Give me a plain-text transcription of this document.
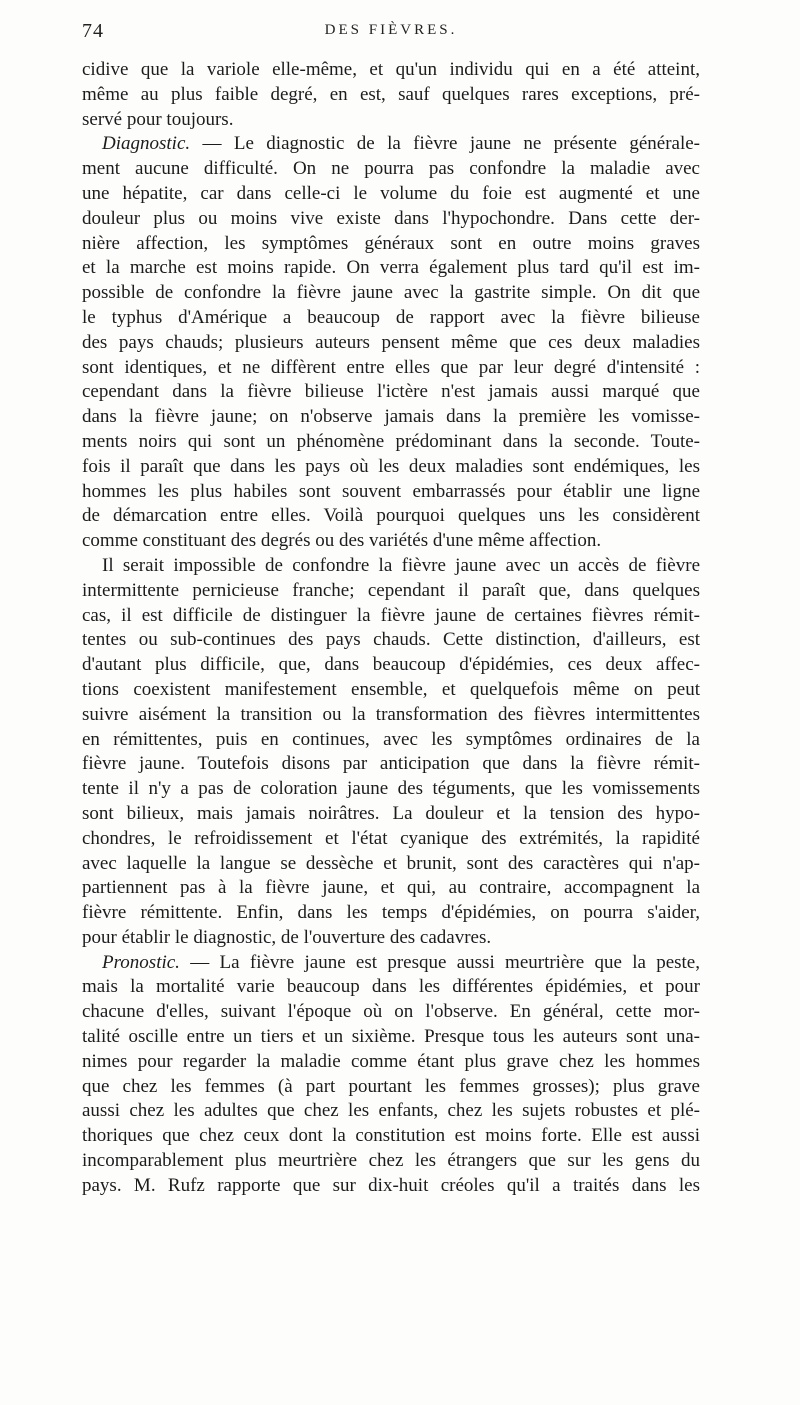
74	DES FIÈVRES.
cidive que la variole elle-même, et qu'un individu qui en a été atteint,
même au plus faible degré, en est, sauf quelques rares exceptions, pré-
servé pour toujours.
Diagnostic. — Le diagnostic de la fièvre jaune ne présente générale-
ment aucune difficulté. On ne pourra pas confondre la maladie avec
une hépatite, car dans celle-ci le volume du foie est augmenté et une
douleur plus ou moins vive existe dans l'hypochondre. Dans cette der-
nière affection, les symptômes généraux sont en outre moins graves
et la marche est moins rapide. On verra également plus tard qu'il est im-
possible de confondre la fièvre jaune avec la gastrite simple. On dit que
le typhus d'Amérique a beaucoup de rapport avec la fièvre bilieuse
des pays chauds; plusieurs auteurs pensent même que ces deux maladies
sont identiques, et ne diffèrent entre elles que par leur degré d'intensité :
cependant dans la fièvre bilieuse l'ictère n'est jamais aussi marqué que
dans la fièvre jaune; on n'observe jamais dans la première les vomisse-
ments noirs qui sont un phénomène prédominant dans la seconde. Toute-
fois il paraît que dans les pays où les deux maladies sont endémiques, les
hommes les plus habiles sont souvent embarrassés pour établir une ligne
de démarcation entre elles. Voilà pourquoi quelques uns les considèrent
comme constituant des degrés ou des variétés d'une même affection.
Il serait impossible de confondre la fièvre jaune avec un accès de fièvre
intermittente pernicieuse franche; cependant il paraît que, dans quelques
cas, il est difficile de distinguer la fièvre jaune de certaines fièvres rémit-
tentes ou sub-continues des pays chauds. Cette distinction, d'ailleurs, est
d'autant plus difficile, que, dans beaucoup d'épidémies, ces deux affec-
tions coexistent manifestement ensemble, et quelquefois même on peut
suivre aisément la transition ou la transformation des fièvres intermittentes
en rémittentes, puis en continues, avec les symptômes ordinaires de la
fièvre jaune. Toutefois disons par anticipation que dans la fièvre rémit-
tente il n'y a pas de coloration jaune des téguments, que les vomissements
sont bilieux, mais jamais noirâtres. La douleur et la tension des hypo-
chondres, le refroidissement et l'état cyanique des extrémités, la rapidité
avec laquelle la langue se dessèche et brunit, sont des caractères qui n'ap-
partiennent pas à la fièvre jaune, et qui, au contraire, accompagnent la
fièvre rémittente. Enfin, dans les temps d'épidémies, on pourra s'aider,
pour établir le diagnostic, de l'ouverture des cadavres.
Pronostic. — La fièvre jaune est presque aussi meurtrière que la peste,
mais la mortalité varie beaucoup dans les différentes épidémies, et pour
chacune d'elles, suivant l'époque où on l'observe. En général, cette mor-
talité oscille entre un tiers et un sixième. Presque tous les auteurs sont una-
nimes pour regarder la maladie comme étant plus grave chez les hommes
que chez les femmes (à part pourtant les femmes grosses); plus grave
aussi chez les adultes que chez les enfants, chez les sujets robustes et plé-
thoriques que chez ceux dont la constitution est moins forte. Elle est aussi
incomparablement plus meurtrière chez les étrangers que sur les gens du
pays. M. Rufz rapporte que sur dix-huit créoles qu'il a traités dans les
